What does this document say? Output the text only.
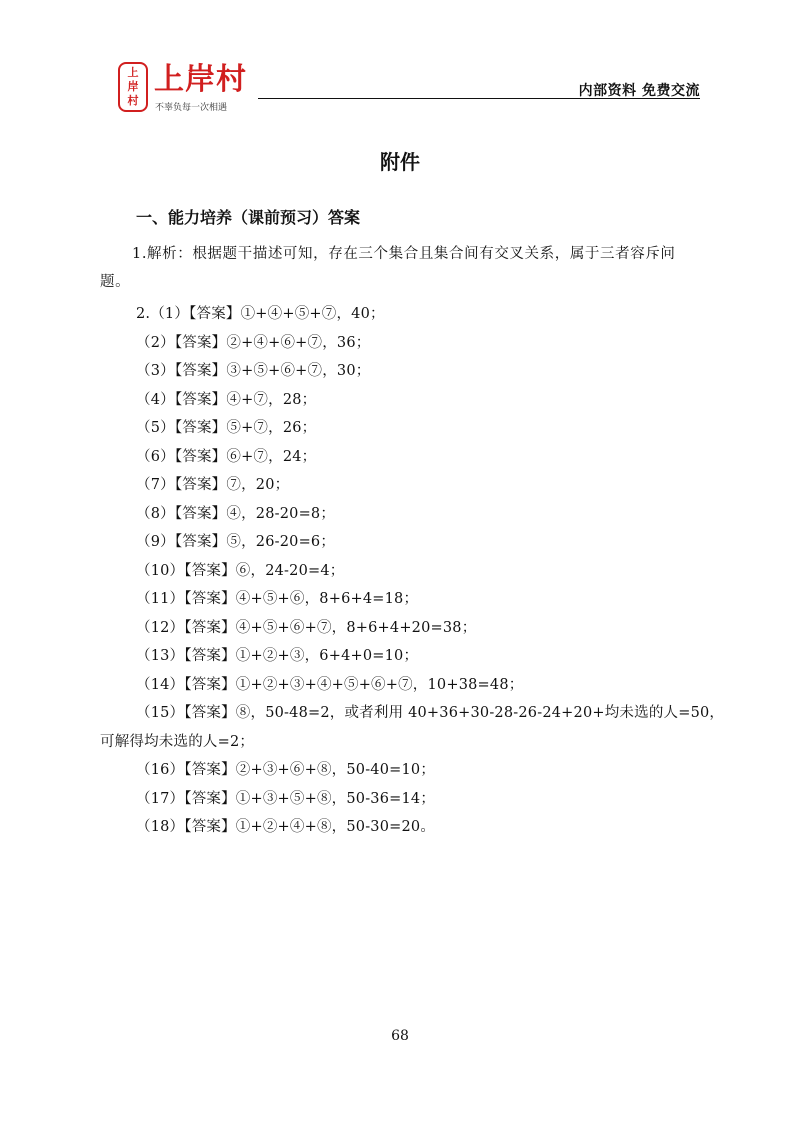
上
岸
村
上岸村
不辜负每一次相遇
内部资料 免费交流
附件
一、能力培养（课前预习）答案

1.解析：根据题干描述可知，存在三个集合且集合间有交叉关系，属于三者容斥问题。

2.（1）【答案】①+④+⑤+⑦，40；
（2）【答案】②+④+⑥+⑦，36；
（3）【答案】③+⑤+⑥+⑦，30；
（4）【答案】④+⑦，28；
（5）【答案】⑤+⑦，26；
（6）【答案】⑥+⑦，24；
（7）【答案】⑦，20；
（8）【答案】④，28-20=8；
（9）【答案】⑤，26-20=6；
（10）【答案】⑥，24-20=4；
（11）【答案】④+⑤+⑥，8+6+4=18；
（12）【答案】④+⑤+⑥+⑦，8+6+4+20=38；
（13）【答案】①+②+③，6+4+0=10；
（14）【答案】①+②+③+④+⑤+⑥+⑦，10+38=48；
（15）【答案】⑧，50-48=2，或者利用 40+36+30-28-26-24+20+均未选的人=50，
可解得均未选的人=2；
（16）【答案】②+③+⑥+⑧，50-40=10；
（17）【答案】①+③+⑤+⑧，50-36=14；
（18）【答案】①+②+④+⑧，50-30=20。
68
